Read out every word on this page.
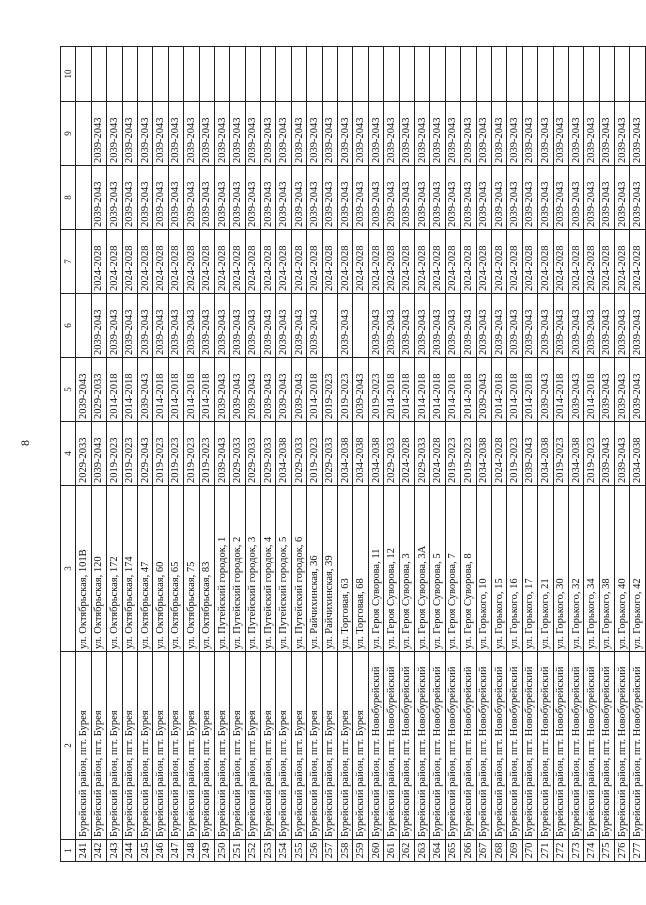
8
1	2	3	4	5	6	7	8	9	10
241	Бурейский район, пгт. Бурея	ул. Октябрьская, 101В	2029-2033	2039-2043					
242	Бурейский район, пгт. Бурея	ул. Октябрьская, 120	2039-2043	2029-2033	2039-2043	2024-2028	2039-2043	2039-2043	
243	Бурейский район, пгт. Бурея	ул. Октябрьская, 172	2019-2023	2014-2018	2039-2043	2024-2028	2039-2043	2039-2043	
244	Бурейский район, пгт. Бурея	ул. Октябрьская, 174	2019-2023	2014-2018	2039-2043	2024-2028	2039-2043	2039-2043	
245	Бурейский район, пгт. Бурея	ул. Октябрьская, 47	2029-2043	2039-2043	2039-2043	2024-2028	2039-2043	2039-2043	
246	Бурейский район, пгт. Бурея	ул. Октябрьская, 60	2019-2023	2014-2018	2039-2043	2024-2028	2039-2043	2039-2043	
247	Бурейский район, пгт. Бурея	ул. Октябрьская, 65	2019-2023	2014-2018	2039-2043	2024-2028	2039-2043	2039-2043	
248	Бурейский район, пгт. Бурея	ул. Октябрьская, 75	2019-2023	2014-2018	2039-2043	2024-2028	2039-2043	2039-2043	
249	Бурейский район, пгт. Бурея	ул. Октябрьская, 83	2019-2023	2014-2018	2039-2043	2024-2028	2039-2043	2039-2043	
250	Бурейский район, пгт. Бурея	ул. Путейский городок, 1	2039-2043	2039-2043	2039-2043	2024-2028	2039-2043	2039-2043	
251	Бурейский район, пгт. Бурея	ул. Путейский городок, 2	2029-2033	2039-2043	2039-2043	2024-2028	2039-2043	2039-2043	
252	Бурейский район, пгт. Бурея	ул. Путейский городок, 3	2029-2033	2039-2043	2039-2043	2024-2028	2039-2043	2039-2043	
253	Бурейский район, пгт. Бурея	ул. Путейский городок, 4	2029-2033	2039-2043	2039-2043	2024-2028	2039-2043	2039-2043	
254	Бурейский район, пгт. Бурея	ул. Путейский городок, 5	2034-2038	2039-2043	2039-2043	2024-2028	2039-2043	2039-2043	
255	Бурейский район, пгт. Бурея	ул. Путейский городок, 6	2029-2033	2039-2043	2039-2043	2024-2028	2039-2043	2039-2043	
256	Бурейский район, пгт. Бурея	ул. Райчихинская, 36	2019-2023	2014-2018	2039-2043	2024-2028	2039-2043	2039-2043	
257	Бурейский район, пгт. Бурея	ул. Райчихинская, 39	2029-2033	2019-2023		2024-2028	2039-2043	2039-2043	
258	Бурейский район, пгт. Бурея	ул. Торговая, 63	2034-2038	2019-2023	2039-2043	2024-2028	2039-2043	2039-2043	
259	Бурейский район, пгт. Бурея	ул. Торговая, 68	2034-2038	2039-2043		2024-2028	2039-2043	2039-2043	
260	Бурейский район, пгт. Новобурейский	ул. Героя Суворова, 11	2034-2038	2019-2023	2039-2043	2024-2028	2039-2043	2039-2043	
261	Бурейский район, пгт. Новобурейский	ул. Героя Суворова, 12	2029-2033	2014-2018	2039-2043	2024-2028	2039-2043	2039-2043	
262	Бурейский район, пгт. Новобурейский	ул. Героя Суворова, 3	2024-2028	2014-2018	2039-2043	2024-2028	2039-2043	2039-2043	
263	Бурейский район, пгт. Новобурейский	ул. Героя Суворова, 3А	2029-2033	2014-2018	2039-2043	2024-2028	2039-2043	2039-2043	
264	Бурейский район, пгт. Новобурейский	ул. Героя Суворова, 5	2024-2028	2014-2018	2039-2043	2024-2028	2039-2043	2039-2043	
265	Бурейский район, пгт. Новобурейский	ул. Героя Суворова, 7	2019-2023	2014-2018	2039-2043	2024-2028	2039-2043	2039-2043	
266	Бурейский район, пгт. Новобурейский	ул. Героя Суворова, 8	2019-2023	2014-2018	2039-2043	2024-2028	2039-2043	2039-2043	
267	Бурейский район, пгт. Новобурейский	ул. Горького, 10	2034-2038	2039-2043	2039-2043	2024-2028	2039-2043	2039-2043	
268	Бурейский район, пгт. Новобурейский	ул. Горького, 15	2024-2028	2014-2018	2039-2043	2024-2028	2039-2043	2039-2043	
269	Бурейский район, пгт. Новобурейский	ул. Горького, 16	2019-2023	2014-2018	2039-2043	2024-2028	2039-2043	2039-2043	
270	Бурейский район, пгт. Новобурейский	ул. Горького, 17	2039-2043	2014-2018	2039-2043	2024-2028	2039-2043	2039-2043	
271	Бурейский район, пгт. Новобурейский	ул. Горького, 21	2034-2038	2039-2043	2039-2043	2024-2028	2039-2043	2039-2043	
272	Бурейский район, пгт. Новобурейский	ул. Горького, 30	2019-2023	2014-2018	2039-2043	2024-2028	2039-2043	2039-2043	
273	Бурейский район, пгт. Новобурейский	ул. Горького, 32	2034-2038	2039-2043	2039-2043	2024-2028	2039-2043	2039-2043	
274	Бурейский район, пгт. Новобурейский	ул. Горького, 34	2019-2023	2014-2018	2039-2043	2024-2028	2039-2043	2039-2043	
275	Бурейский район, пгт. Новобурейский	ул. Горького, 38	2039-2043	2039-2043	2039-2043	2024-2028	2039-2043	2039-2043	
276	Бурейский район, пгт. Новобурейский	ул. Горького, 40	2039-2043	2039-2043	2039-2043	2024-2028	2039-2043	2039-2043	
277	Бурейский район, пгт. Новобурейский	ул. Горького, 42	2034-2038	2039-2043	2039-2043	2024-2028	2039-2043	2039-2043	
